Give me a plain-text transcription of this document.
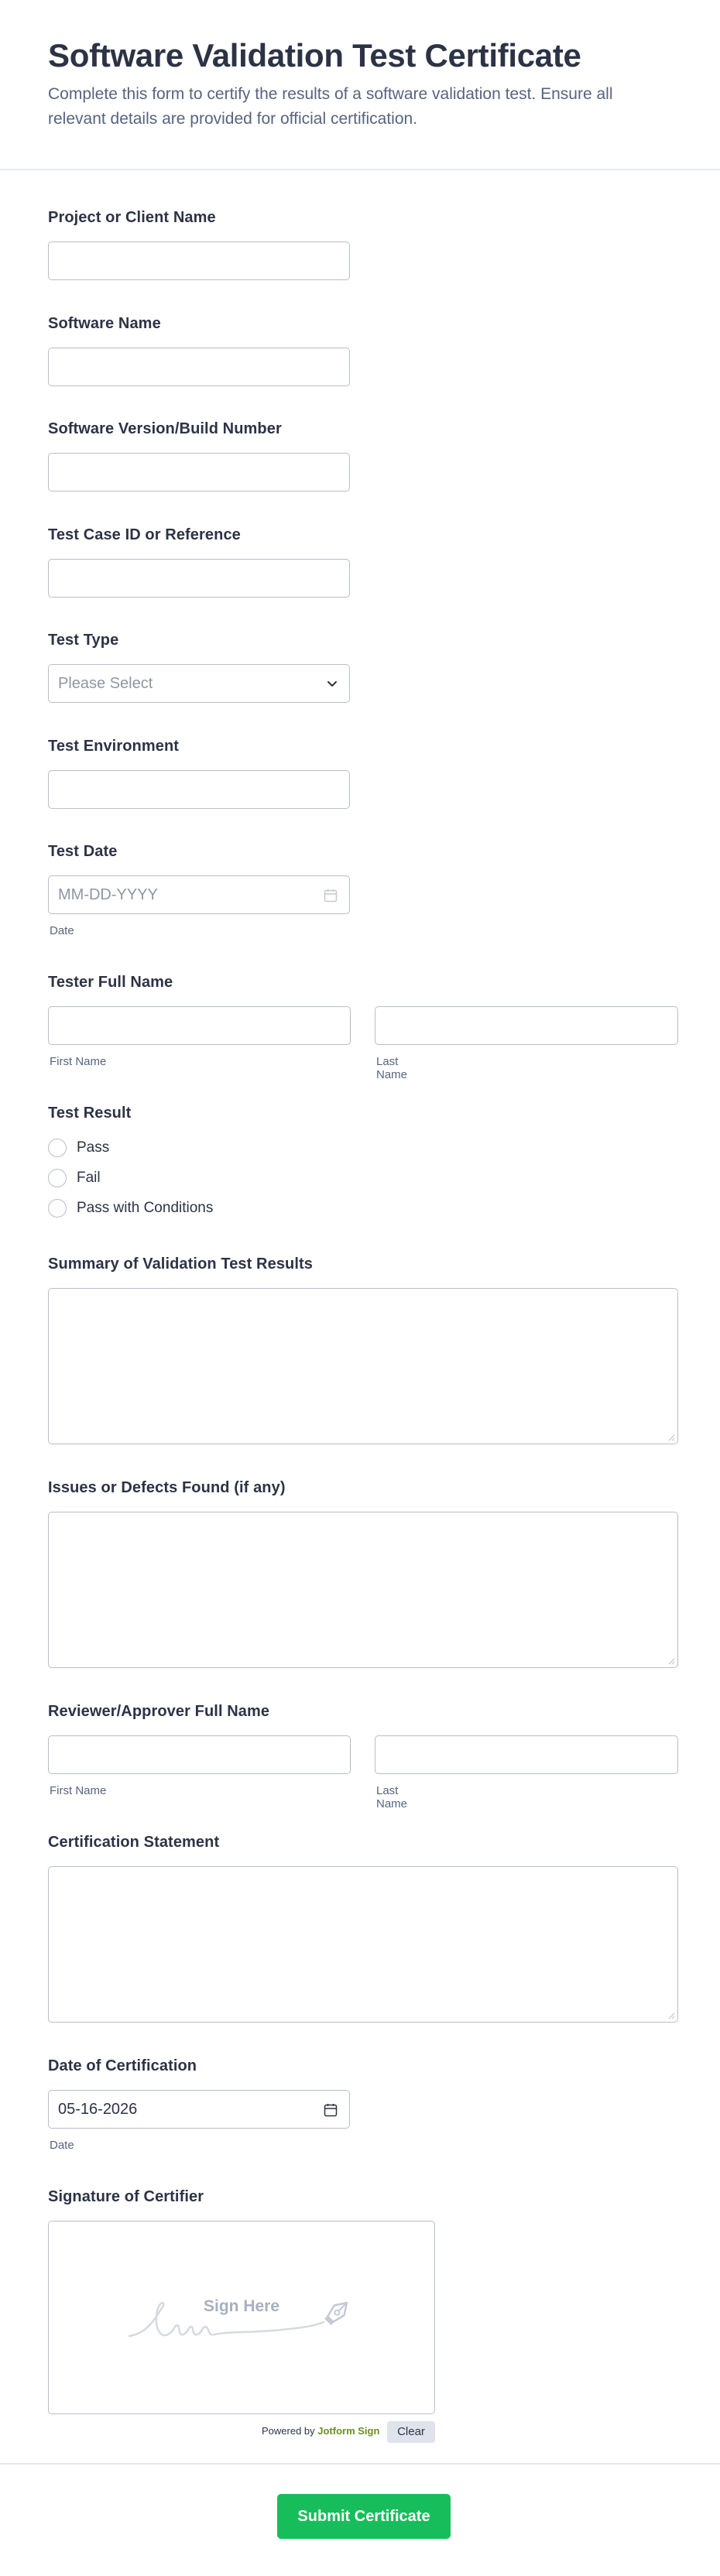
Software Validation Test Certificate
Complete this form to certify the results of a software validation test. Ensure all relevant details are provided for official certification.
Project or Client Name
Software Name
Software Version/Build Number
Test Case ID or Reference
Test Type
Please Select
Test Environment
Test Date
MM-DD-YYYY
Date
Tester Full Name
First Name	Last Name
Test Result
Pass
Fail
Pass with Conditions
Summary of Validation Test Results
Issues or Defects Found (if any)
Reviewer/Approver Full Name
First Name	Last Name
Certification Statement
Date of Certification
05-16-2026
Date
Signature of Certifier
Sign Here
Powered by Jotform Sign	Clear
Submit Certificate
